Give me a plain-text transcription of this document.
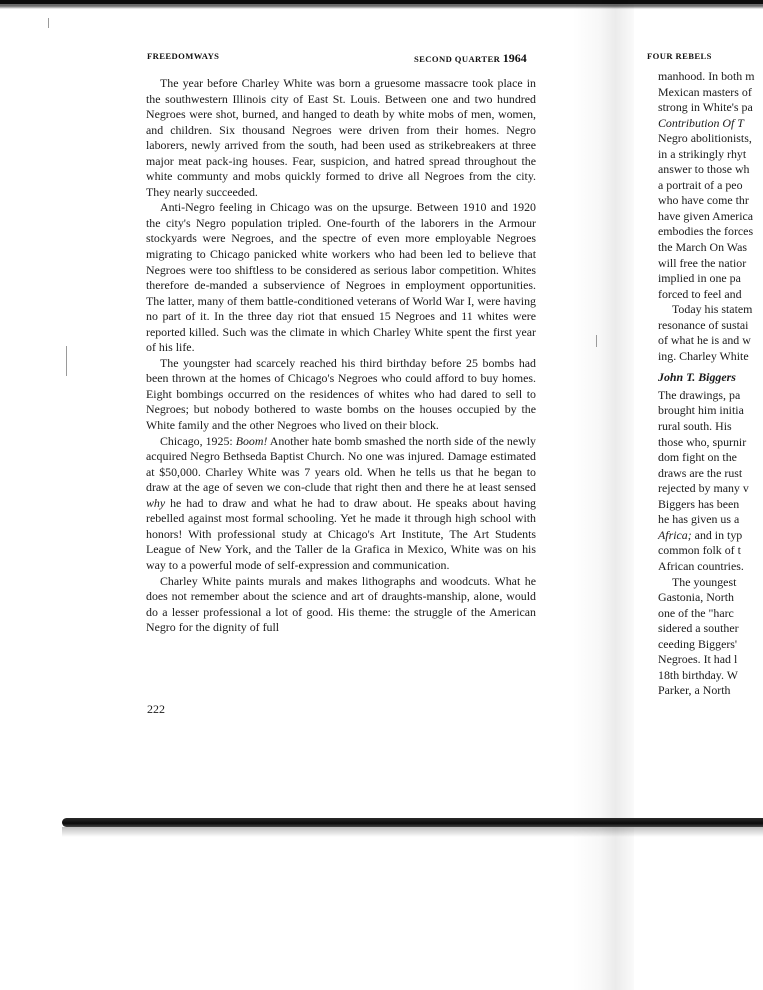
FREEDOMWAYS	SECOND QUARTER 1964

The year before Charley White was born a gruesome massacre took place in the southwestern Illinois city of East St. Louis. Between one and two hundred Negroes were shot, burned, and hanged to death by white mobs of men, women, and children. Six thousand Negroes were driven from their homes. Negro laborers, newly arrived from the south, had been used as strikebreakers at three major meat pack-ing houses. Fear, suspicion, and hatred spread throughout the white communty and mobs quickly formed to drive all Negroes from the city. They nearly succeeded.

Anti-Negro feeling in Chicago was on the upsurge. Between 1910 and 1920 the city's Negro population tripled. One-fourth of the laborers in the Armour stockyards were Negroes, and the spectre of even more employable Negroes migrating to Chicago panicked white workers who had been led to believe that Negroes were too shiftless to be considered as serious labor competition. Whites therefore de-manded a subservience of Negroes in employment opportunities. The latter, many of them battle-conditioned veterans of World War I, were having no part of it. In the three day riot that ensued 15 Negroes and 11 whites were reported killed. Such was the climate in which Charley White spent the first year of his life.

The youngster had scarcely reached his third birthday before 25 bombs had been thrown at the homes of Chicago's Negroes who could afford to buy homes. Eight bombings occurred on the residences of whites who had dared to sell to Negroes; but nobody bothered to waste bombs on the houses occupied by the White family and the other Negroes who lived on their block.

Chicago, 1925: Boom! Another hate bomb smashed the north side of the newly acquired Negro Bethseda Baptist Church. No one was injured. Damage estimated at $50,000. Charley White was 7 years old. When he tells us that he began to draw at the age of seven we con-clude that right then and there he at least sensed why he had to draw and what he had to draw about. He speaks about having rebelled against most formal schooling. Yet he made it through high school with honors! With professional study at Chicago's Art Institute, The Art Students League of New York, and the Taller de la Grafica in Mexico, White was on his way to a powerful mode of self-expression and communication.

Charley White paints murals and makes lithographs and woodcuts. What he does not remember about the science and art of draughts-manship, alone, would do a lesser professional a lot of good. His theme: the struggle of the American Negro for the dignity of full

222
FOUR REBELS
manhood. In both m
Mexican masters of
strong in White's pa
Contribution Of T
Negro abolitionists,
in a strikingly rhyt
answer to those wh
a portrait of a peo
who have come thr
have given America
embodies the forces
the March On Was
will free the natior
implied in one pa
forced to feel and
Today his statem
resonance of sustai
of what he is and w
ing. Charley White
John T. Biggers
The drawings, pa
brought him initia
rural south. His
those who, spurnir
dom fight on the
draws are the rust
rejected by many v
Biggers has been
he has given us a
Africa; and in typ
common folk of t
African countries.
The youngest
Gastonia, North
one of the "harc
sidered a souther
ceeding Biggers'
Negroes. It had l
18th birthday. W
Parker, a North
